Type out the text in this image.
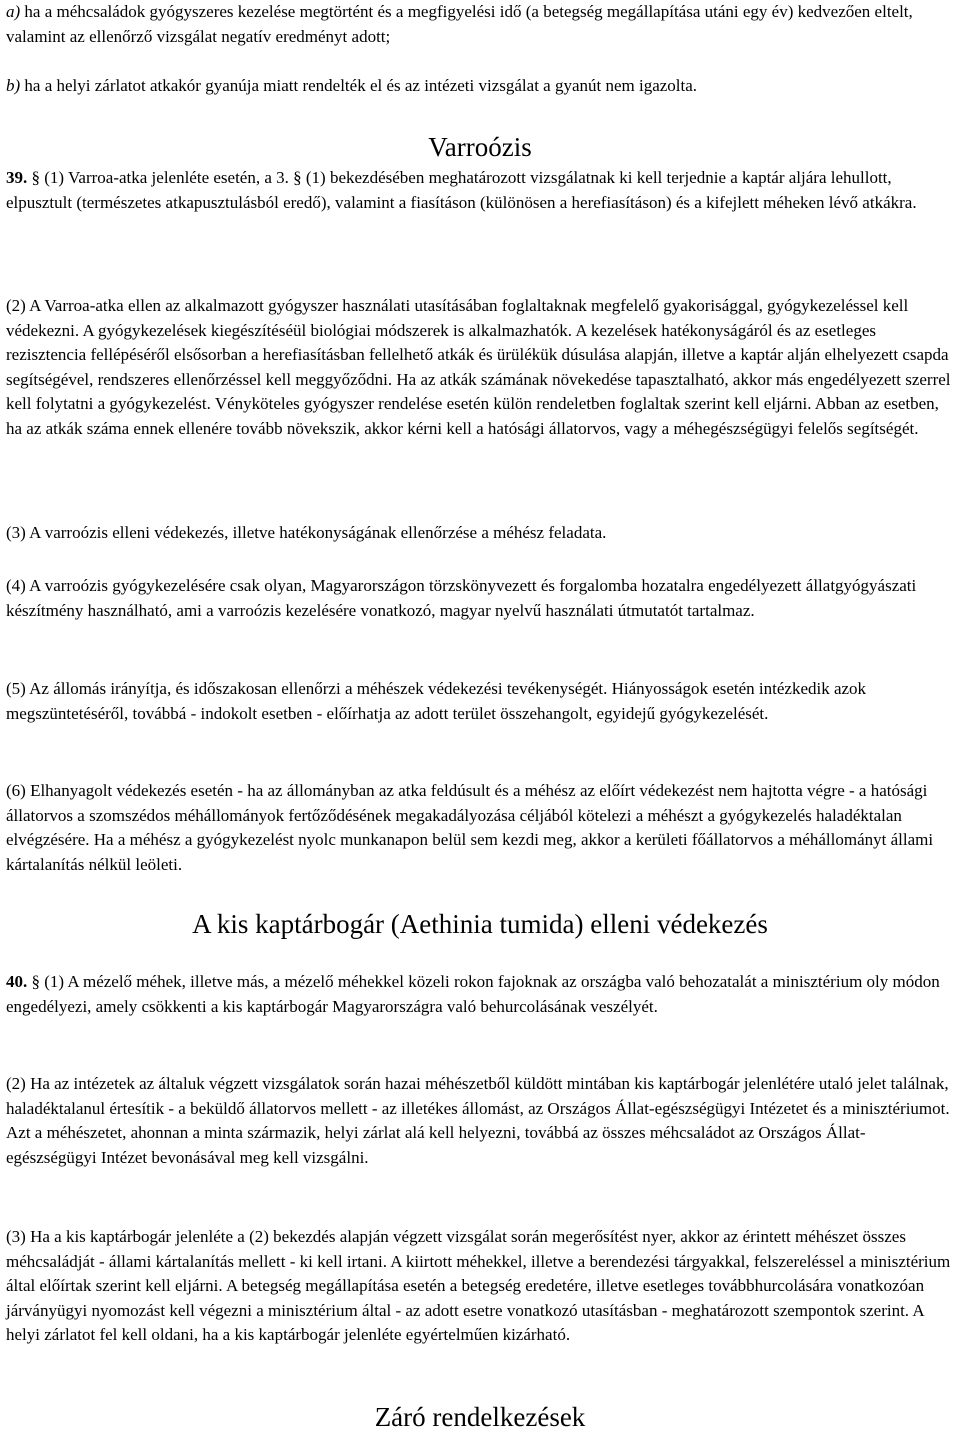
a) ha a méhcsaládok gyógyszeres kezelése megtörtént és a megfigyelési idő (a betegség megállapítása utáni egy év) kedvezően eltelt, valamint az ellenőrző vizsgálat negatív eredményt adott;

b) ha a helyi zárlatot atkakór gyanúja miatt rendelték el és az intézeti vizsgálat a gyanút nem igazolta.

Varroózis

39. § (1) Varroa-atka jelenléte esetén, a 3. § (1) bekezdésében meghatározott vizsgálatnak ki kell terjednie a kaptár aljára lehullott, elpusztult (természetes atkapusztulásból eredő), valamint a fiasításon (különösen a herefiasításon) és a kifejlett méheken lévő atkákra.

(2) A Varroa-atka ellen az alkalmazott gyógyszer használati utasításában foglaltaknak megfelelő gyakorisággal, gyógykezeléssel kell védekezni. A gyógykezelések kiegészítéséül biológiai módszerek is alkalmazhatók. A kezelések hatékonyságáról és az esetleges rezisztencia fellépéséről elsősorban a herefiasításban fellelhető atkák és ürülékük dúsulása alapján, illetve a kaptár alján elhelyezett csapda segítségével, rendszeres ellenőrzéssel kell meggyőződni. Ha az atkák számának növekedése tapasztalható, akkor más engedélyezett szerrel kell folytatni a gyógykezelést. Vényköteles gyógyszer rendelése esetén külön rendeletben foglaltak szerint kell eljárni. Abban az esetben, ha az atkák száma ennek ellenére tovább növekszik, akkor kérni kell a hatósági állatorvos, vagy a méhegészségügyi felelős segítségét.

(3) A varroózis elleni védekezés, illetve hatékonyságának ellenőrzése a méhész feladata.

(4) A varroózis gyógykezelésére csak olyan, Magyarországon törzskönyvezett és forgalomba hozatalra engedélyezett állatgyógyászati készítmény használható, ami a varroózis kezelésére vonatkozó, magyar nyelvű használati útmutatót tartalmaz.

(5) Az állomás irányítja, és időszakosan ellenőrzi a méhészek védekezési tevékenységét. Hiányosságok esetén intézkedik azok megszüntetéséről, továbbá - indokolt esetben - előírhatja az adott terület összehangolt, egyidejű gyógykezelését.

(6) Elhanyagolt védekezés esetén - ha az állományban az atka feldúsult és a méhész az előírt védekezést nem hajtotta végre - a hatósági állatorvos a szomszédos méhállományok fertőződésének megakadályozása céljából kötelezi a méhészt a gyógykezelés haladéktalan elvégzésére. Ha a méhész a gyógykezelést nyolc munkanapon belül sem kezdi meg, akkor a kerületi főállatorvos a méhállományt állami kártalanítás nélkül leöleti.

A kis kaptárbogár (Aethinia tumida) elleni védekezés

40. § (1) A mézelő méhek, illetve más, a mézelő méhekkel közeli rokon fajoknak az országba való behozatalát a minisztérium oly módon engedélyezi, amely csökkenti a kis kaptárbogár Magyarországra való behurcolásának veszélyét.

(2) Ha az intézetek az általuk végzett vizsgálatok során hazai méhészetből küldött mintában kis kaptárbogár jelenlétére utaló jelet találnak, haladéktalanul értesítik - a beküldő állatorvos mellett - az illetékes állomást, az Országos Állat-egészségügyi Intézetet és a minisztériumot. Azt a méhészetet, ahonnan a minta származik, helyi zárlat alá kell helyezni, továbbá az összes méhcsaládot az Országos Állat-egészségügyi Intézet bevonásával meg kell vizsgálni.

(3) Ha a kis kaptárbogár jelenléte a (2) bekezdés alapján végzett vizsgálat során megerősítést nyer, akkor az érintett méhészet összes méhcsaládját - állami kártalanítás mellett - ki kell irtani. A kiirtott méhekkel, illetve a berendezési tárgyakkal, felszereléssel a minisztérium által előírtak szerint kell eljárni. A betegség megállapítása esetén a betegség eredetére, illetve esetleges továbbhurcolására vonatkozóan járványügyi nyomozást kell végezni a minisztérium által - az adott esetre vonatkozó utasításban - meghatározott szempontok szerint. A helyi zárlatot fel kell oldani, ha a kis kaptárbogár jelenléte egyértelműen kizárható.

Záró rendelkezések
